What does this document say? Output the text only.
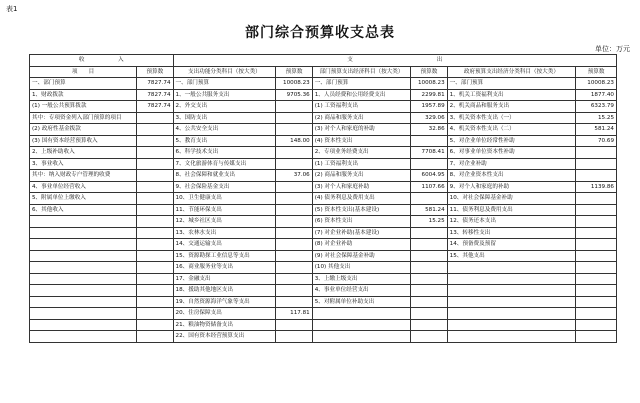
表1
部门综合预算收支总表
单位：万元
收　　　　　　入		支　　　　　　　　　　　　　　　出					
项　　目	预算数	支出功能分类科目（按大类）	预算数	部门预算支出经济科目（按大类）	预算数	政府预算支出经济分类科目（按大类）	预算数
一、部门预算	7827.74	一、部门预算	10008.23	一、部门预算	10008.23	一、部门预算	10008.23
1、财政拨款	7827.74	1、一般公共服务支出	9705.36	1、人员经费和公用经费支出	2299.81	1、机关工资福利支出	1877.40
(1) 一般公共预算拨款	7827.74	2、外交支出		(1) 工资福利支出	1957.89	2、机关商品和服务支出	6323.79
其中：专项资金列入部门预算的项目		3、国防支出		(2) 商品和服务支出	329.06	3、机关资本性支出（一）	15.25
(2) 政府性基金拨款		4、公共安全支出		(3) 对个人和家庭的补助	32.86	4、机关资本性支出（二）	581.24
(3) 国有资本经营预算收入		5、教育支出	148.00	(4) 资本性支出		5、对企业单位经常性补助	70.69
2、上级补助收入		6、科学技术支出		2、专项业务经费支出	7708.41	6、对事业单位资本性补助	
3、事业收入		7、文化旅游体育与传媒支出		(1) 工资福利支出		7、对企业补助	
其中：纳入财政专户管理的收费		8、社会保障和就业支出	37.06	(2) 商品和服务支出	6004.95	8、对企业资本性支出	
4、事业单位经营收入		9、社会保险基金支出		(3) 对个人和家庭补助	1107.66	9、对个人和家庭的补助	1139.86
5、附属单位上缴收入		10、卫生健康支出		(4) 债务利息及费用支出		10、对社会保障基金补助	
6、其他收入		11、节能环保支出		(5) 资本性支出(基本建设)	581.24	11、债务利息及费用支出	
		12、城乡社区支出		(6) 资本性支出	15.25	12、债务还本支出	
		13、农林水支出		(7) 对企业补助(基本建设)		13、转移性支出	
		14、交通运输支出		(8) 对企业补助		14、预备费及预留	
		15、资源勘探工业信息等支出		(9) 对社会保障基金补助		15、其他支出	
		16、商业服务业等支出		(10) 其他支出			
		17、金融支出		3、上缴上级支出			
		18、援助其他地区支出		4、事业单位经营支出			
		19、自然资源海洋气象等支出		5、对附属单位补助支出			
		20、住房保障支出	117.81				
		21、粮油物资储备支出					
		22、国有资本经营预算支出					
